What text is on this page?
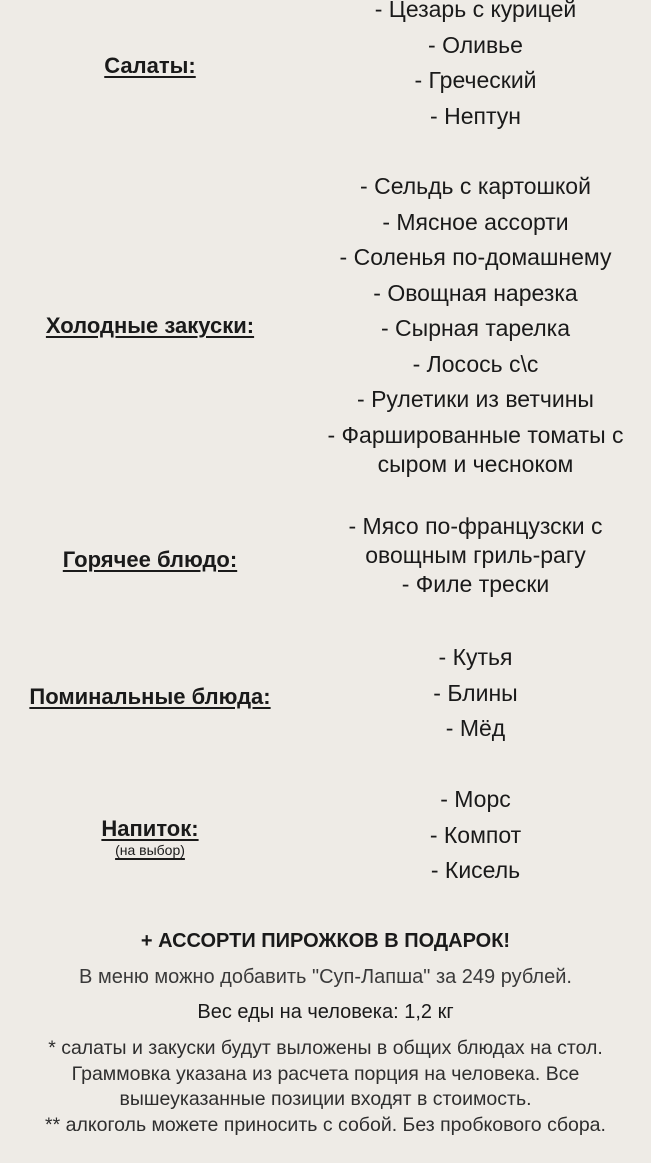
Салаты:
- Цезарь с курицей
- Оливье
- Греческий
- Нептун
Холодные закуски:
- Сельдь с картошкой
- Мясное ассорти
- Соленья по-домашнему
- Овощная нарезка
- Сырная тарелка
- Лосось с\с
- Рулетики из ветчины
- Фаршированные томаты с сыром и чесноком
Горячее блюдо:
- Мясо по-французски с овощным гриль-рагу
- Филе трески
Поминальные блюда:
- Кутья
- Блины
- Мёд
Напиток:
(на выбор)
- Морс
- Компот
- Кисель
+ АССОРТИ ПИРОЖКОВ В ПОДАРОК!
В меню можно добавить "Суп-Лапша" за 249 рублей.
Вес еды на человека: 1,2 кг
* салаты и закуски будут выложены в общих блюдах на стол. Граммовка указана из расчета порция на человека. Все вышеуказанные позиции входят в стоимость.
** алкоголь можете приносить с собой. Без пробкового сбора.
